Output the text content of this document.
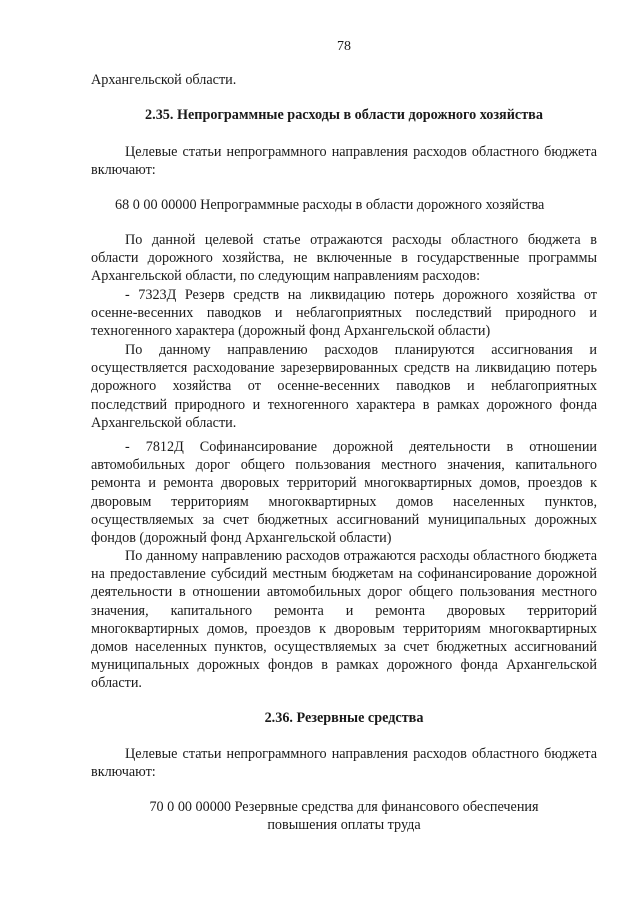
78

Архангельской области.

2.35. Непрограммные расходы в области дорожного хозяйства
Целевые статьи непрограммного направления расходов областного бюджета включают:
68 0 00 00000 Непрограммные расходы в области дорожного хозяйства
По данной целевой статье отражаются расходы областного бюджета в области дорожного хозяйства, не включенные в государственные программы Архангельской области, по следующим направлениям расходов:
- 7323Д Резерв средств на ликвидацию потерь дорожного хозяйства от осенне-весенних паводков и неблагоприятных последствий природного и техногенного характера (дорожный фонд Архангельской области)
По данному направлению расходов планируются ассигнования и осуществляется расходование зарезервированных средств на ликвидацию потерь дорожного хозяйства от осенне-весенних паводков и неблагоприятных последствий природного и техногенного характера в рамках дорожного фонда Архангельской области.
- 7812Д Софинансирование дорожной деятельности в отношении автомобильных дорог общего пользования местного значения, капитального ремонта и ремонта дворовых территорий многоквартирных домов, проездов к дворовым территориям многоквартирных домов населенных пунктов, осуществляемых за счет бюджетных ассигнований муниципальных дорожных фондов (дорожный фонд Архангельской области)
По данному направлению расходов отражаются расходы областного бюджета на предоставление субсидий местным бюджетам на софинансирование дорожной деятельности в отношении автомобильных дорог общего пользования местного значения, капитального ремонта и ремонта дворовых территорий многоквартирных домов, проездов к дворовым территориям многоквартирных домов населенных пунктов, осуществляемых за счет бюджетных ассигнований муниципальных дорожных фондов в рамках дорожного фонда Архангельской области.
2.36. Резервные средства
Целевые статьи непрограммного направления расходов областного бюджета включают:
70 0 00 00000 Резервные средства для финансового обеспечения
повышения оплаты труда
